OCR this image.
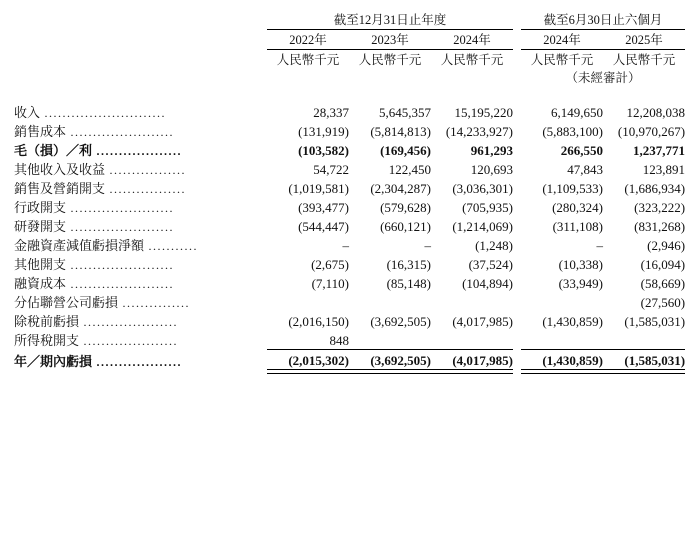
	截至12月31日止年度				截至6月30日止六個月	

	2022年	2023年	2024年		2024年	2025年

	人民幣千元	人民幣千元	人民幣千元		人民幣千元	人民幣千元
					（未經審計）	

收入 ...........................	28,337	5,645,357	15,195,220		6,149,650	12,208,038
銷售成本 .......................	(131,919)	(5,814,813)	(14,233,927)		(5,883,100)	(10,970,267)
毛（損）／利 ...................	(103,582)	(169,456)	961,293		266,550	1,237,771
其他收入及收益 .................	54,722	122,450	120,693		47,843	123,891
銷售及營銷開支 .................	(1,019,581)	(2,304,287)	(3,036,301)		(1,109,533)	(1,686,934)
行政開支 .......................	(393,477)	(579,628)	(705,935)		(280,324)	(323,222)
研發開支 .......................	(544,447)	(660,121)	(1,214,069)		(311,108)	(831,268)
金融資產減值虧損淨額 ...........	–	–	(1,248)		–	(2,946)
其他開支 .......................	(2,675)	(16,315)	(37,524)		(10,338)	(16,094)
融資成本 .......................	(7,110)	(85,148)	(104,894)		(33,949)	(58,669)
分佔聯營公司虧損 ...............						(27,560)
除稅前虧損 .....................	(2,016,150)	(3,692,505)	(4,017,985)		(1,430,859)	(1,585,031)
所得稅開支 .....................	848					

年／期內虧損 ...................	(2,015,302)	(3,692,505)	(4,017,985)		(1,430,859)	(1,585,031)
